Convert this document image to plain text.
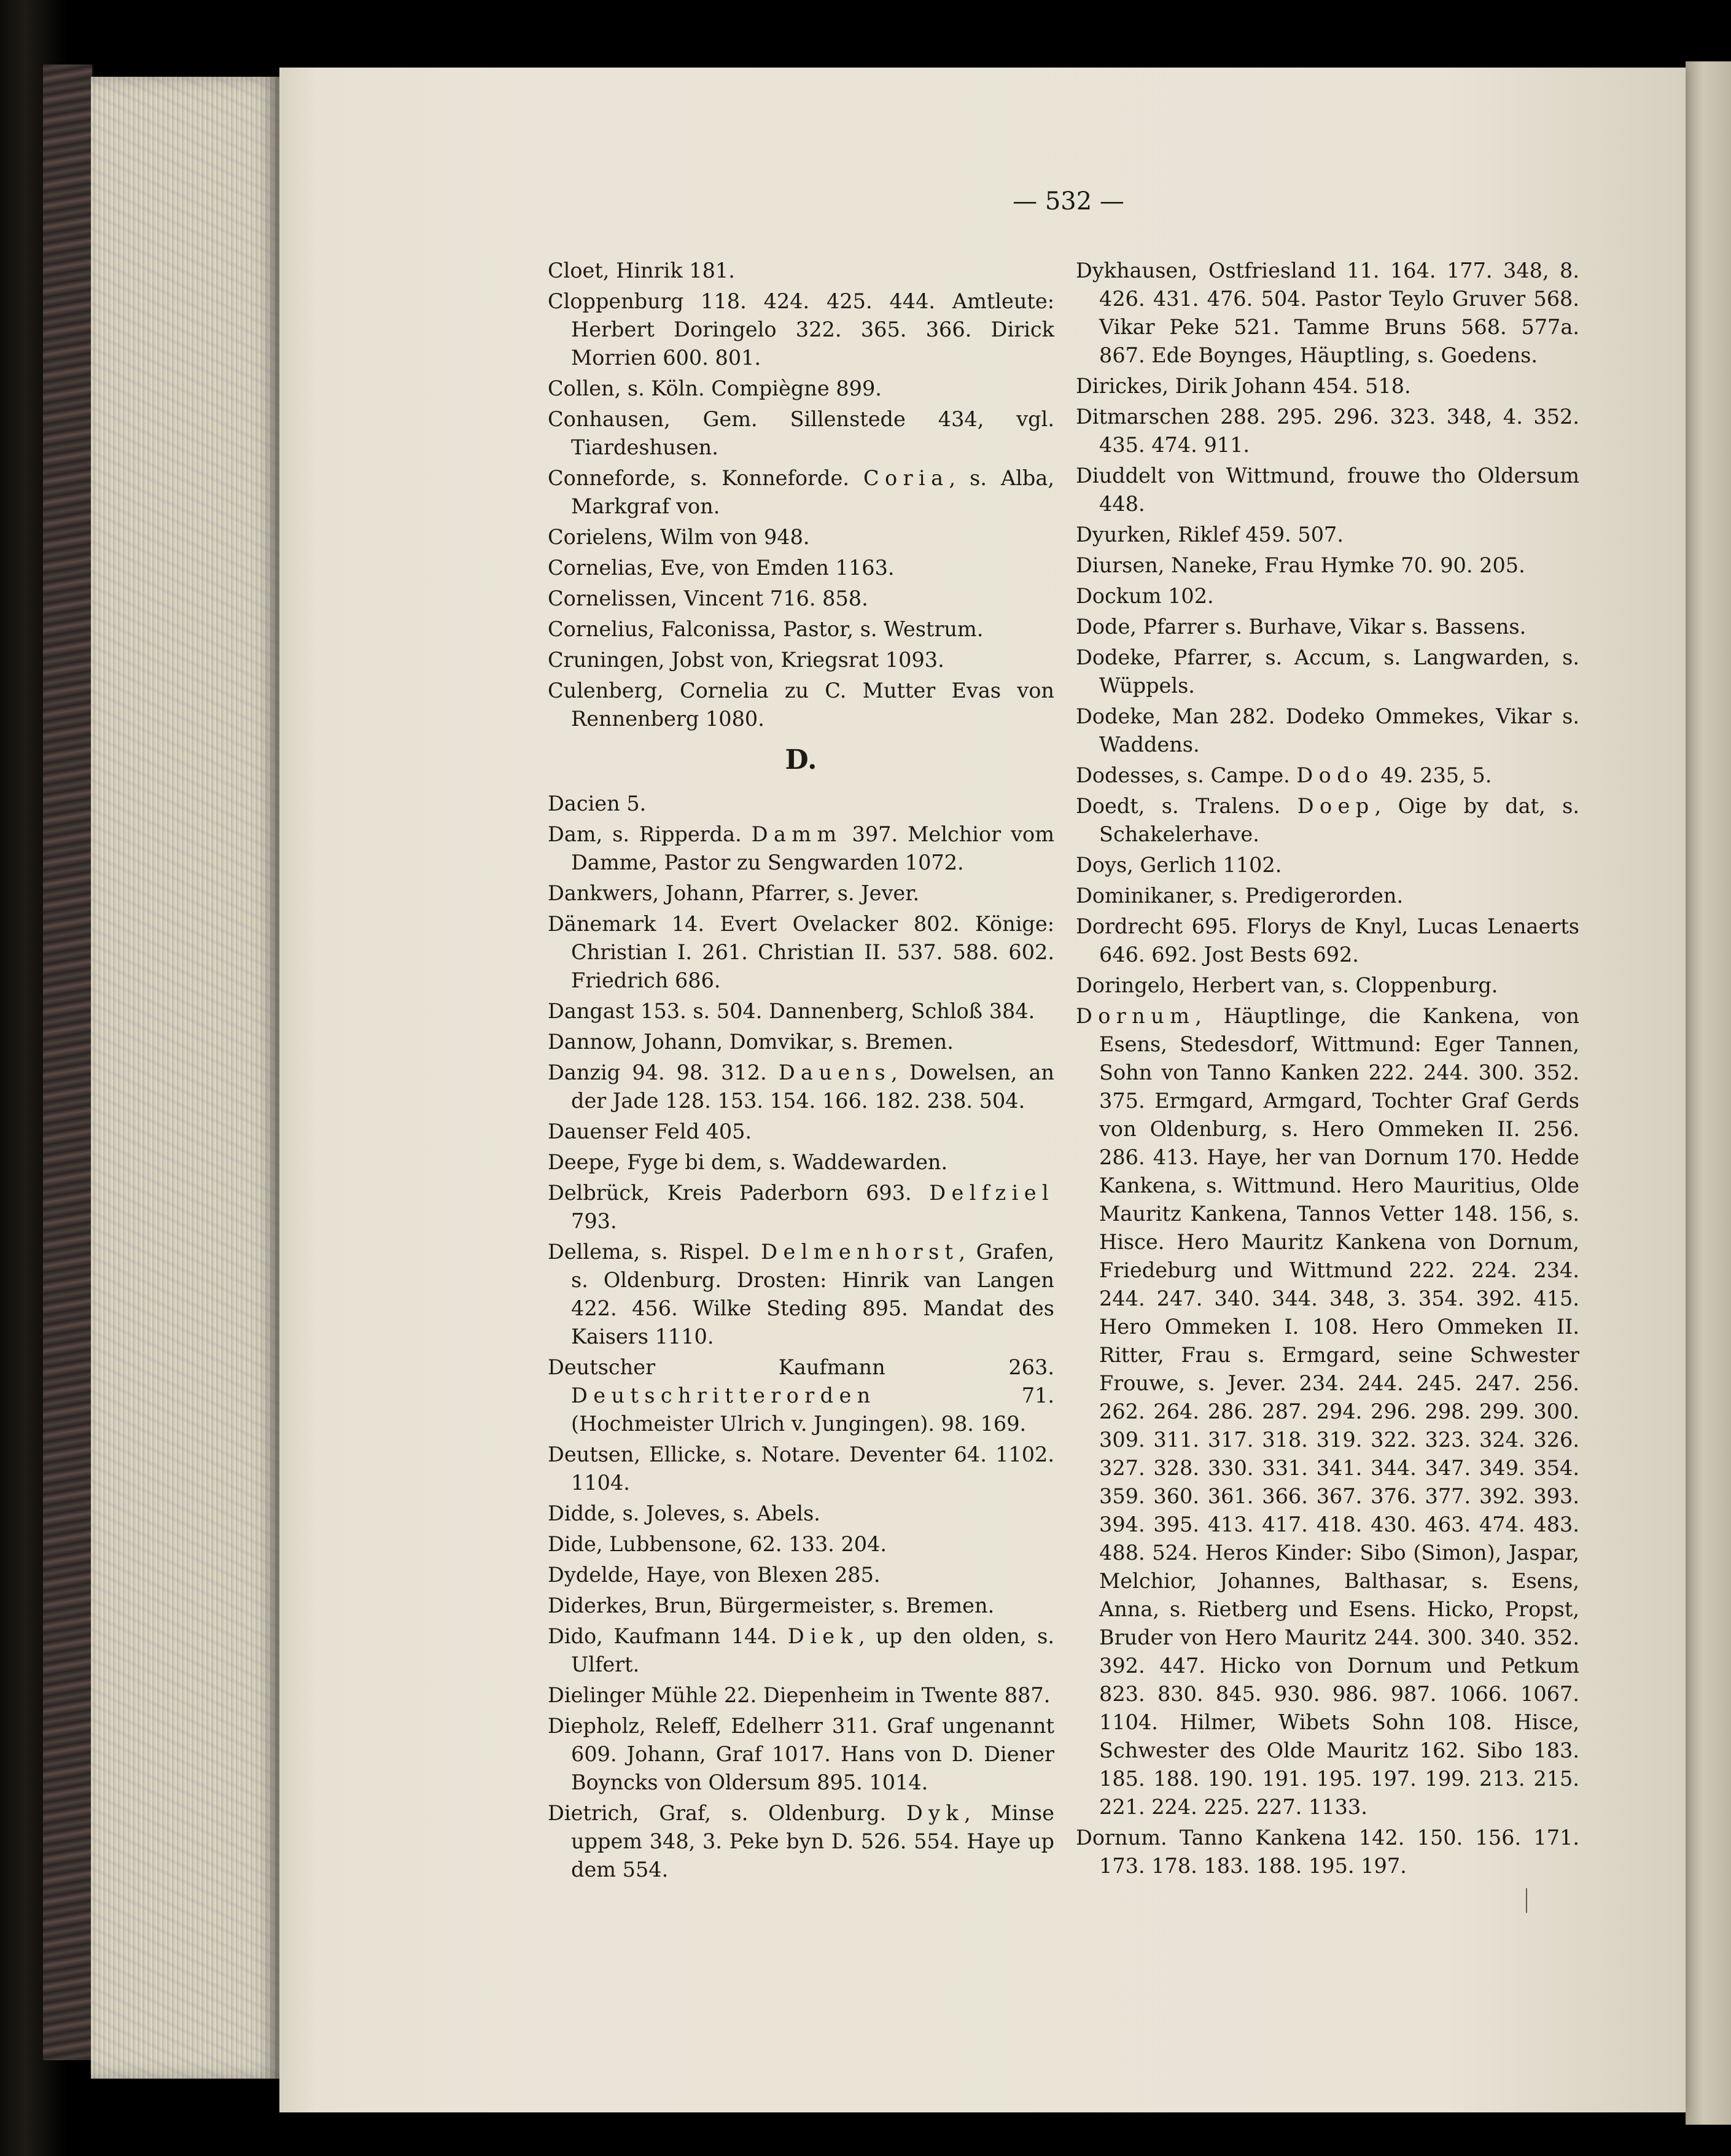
— 532 —
Cloet, Hinrik 181.
Cloppenburg 118. 424. 425. 444. Amtleute: Herbert Doringelo 322. 365. 366. Dirick Morrien 600. 801.
Collen, s. Köln. Compiègne 899.
Conhausen, Gem. Sillenstede 434, vgl. Tiardeshusen.
Conneforde, s. Konneforde. Coria, s. Alba, Markgraf von.
Corielens, Wilm von 948.
Cornelias, Eve, von Emden 1163.
Cornelissen, Vincent 716. 858.
Cornelius, Falconissa, Pastor, s. Westrum.
Cruningen, Jobst von, Kriegsrat 1093.
Culenberg, Cornelia zu C. Mutter Evas von Rennenberg 1080.
D.
Dacien 5.
Dam, s. Ripperda. Damm 397. Melchior vom Damme, Pastor zu Sengwarden 1072.
Dankwers, Johann, Pfarrer, s. Jever.
Dänemark 14. Evert Ovelacker 802. Könige: Christian I. 261. Christian II. 537. 588. 602. Friedrich 686.
Dangast 153. s. 504. Dannenberg, Schloß 384.
Dannow, Johann, Domvikar, s. Bremen.
Danzig 94. 98. 312. Dauens, Dowelsen, an der Jade 128. 153. 154. 166. 182. 238. 504.
Dauenser Feld 405.
Deepe, Fyge bi dem, s. Waddewarden.
Delbrück, Kreis Paderborn 693. Delfziel 793.
Dellema, s. Rispel. Delmenhorst, Grafen, s. Oldenburg. Drosten: Hinrik van Langen 422. 456. Wilke Steding 895. Mandat des Kaisers 1110.
Deutscher Kaufmann 263. Deutschritterorden 71. (Hochmeister Ulrich v. Jungingen). 98. 169.
Deutsen, Ellicke, s. Notare. Deventer 64. 1102. 1104.
Didde, s. Joleves, s. Abels.
Dide, Lubbensone, 62. 133. 204.
Dydelde, Haye, von Blexen 285.
Diderkes, Brun, Bürgermeister, s. Bremen.
Dido, Kaufmann 144. Diek, up den olden, s. Ulfert.
Dielinger Mühle 22. Diepenheim in Twente 887.
Diepholz, Releff, Edelherr 311. Graf ungenannt 609. Johann, Graf 1017. Hans von D. Diener Boyncks von Oldersum 895. 1014.
Dietrich, Graf, s. Oldenburg. Dyk, Minse uppem 348, 3. Peke byn D. 526. 554. Haye up dem 554.
Dykhausen, Ostfriesland 11. 164. 177. 348, 8. 426. 431. 476. 504. Pastor Teylo Gruver 568. Vikar Peke 521. Tamme Bruns 568. 577a. 867. Ede Boynges, Häuptling, s. Goedens.
Dirickes, Dirik Johann 454. 518.
Ditmarschen 288. 295. 296. 323. 348, 4. 352. 435. 474. 911.
Diuddelt von Wittmund, frouwe tho Oldersum 448.
Dyurken, Riklef 459. 507.
Diursen, Naneke, Frau Hymke 70. 90. 205.
Dockum 102.
Dode, Pfarrer s. Burhave, Vikar s. Bassens.
Dodeke, Pfarrer, s. Accum, s. Langwarden, s. Wüppels.
Dodeke, Man 282. Dodeko Ommekes, Vikar s. Waddens.
Dodesses, s. Campe. Dodo 49. 235, 5.
Doedt, s. Tralens. Doep, Oige by dat, s. Schakelerhave.
Doys, Gerlich 1102.
Dominikaner, s. Predigerorden.
Dordrecht 695. Florys de Knyl, Lucas Lenaerts 646. 692. Jost Bests 692.
Doringelo, Herbert van, s. Cloppenburg.
Dornum, Häuptlinge, die Kankena, von Esens, Stedesdorf, Wittmund: Eger Tannen, Sohn von Tanno Kanken 222. 244. 300. 352. 375. Ermgard, Armgard, Tochter Graf Gerds von Oldenburg, s. Hero Ommeken II. 256. 286. 413. Haye, her van Dornum 170. Hedde Kankena, s. Wittmund. Hero Mauritius, Olde Mauritz Kankena, Tannos Vetter 148. 156, s. Hisce. Hero Mauritz Kankena von Dornum, Friedeburg und Wittmund 222. 224. 234. 244. 247. 340. 344. 348, 3. 354. 392. 415. Hero Ommeken I. 108. Hero Ommeken II. Ritter, Frau s. Ermgard, seine Schwester Frouwe, s. Jever. 234. 244. 245. 247. 256. 262. 264. 286. 287. 294. 296. 298. 299. 300. 309. 311. 317. 318. 319. 322. 323. 324. 326. 327. 328. 330. 331. 341. 344. 347. 349. 354. 359. 360. 361. 366. 367. 376. 377. 392. 393. 394. 395. 413. 417. 418. 430. 463. 474. 483. 488. 524. Heros Kinder: Sibo (Simon), Jaspar, Melchior, Johannes, Balthasar, s. Esens, Anna, s. Rietberg und Esens. Hicko, Propst, Bruder von Hero Mauritz 244. 300. 340. 352. 392. 447. Hicko von Dornum und Petkum 823. 830. 845. 930. 986. 987. 1066. 1067. 1104. Hilmer, Wibets Sohn 108. Hisce, Schwester des Olde Mauritz 162. Sibo 183. 185. 188. 190. 191. 195. 197. 199. 213. 215. 221. 224. 225. 227. 1133.
Dornum. Tanno Kankena 142. 150. 156. 171. 173. 178. 183. 188. 195. 197.
